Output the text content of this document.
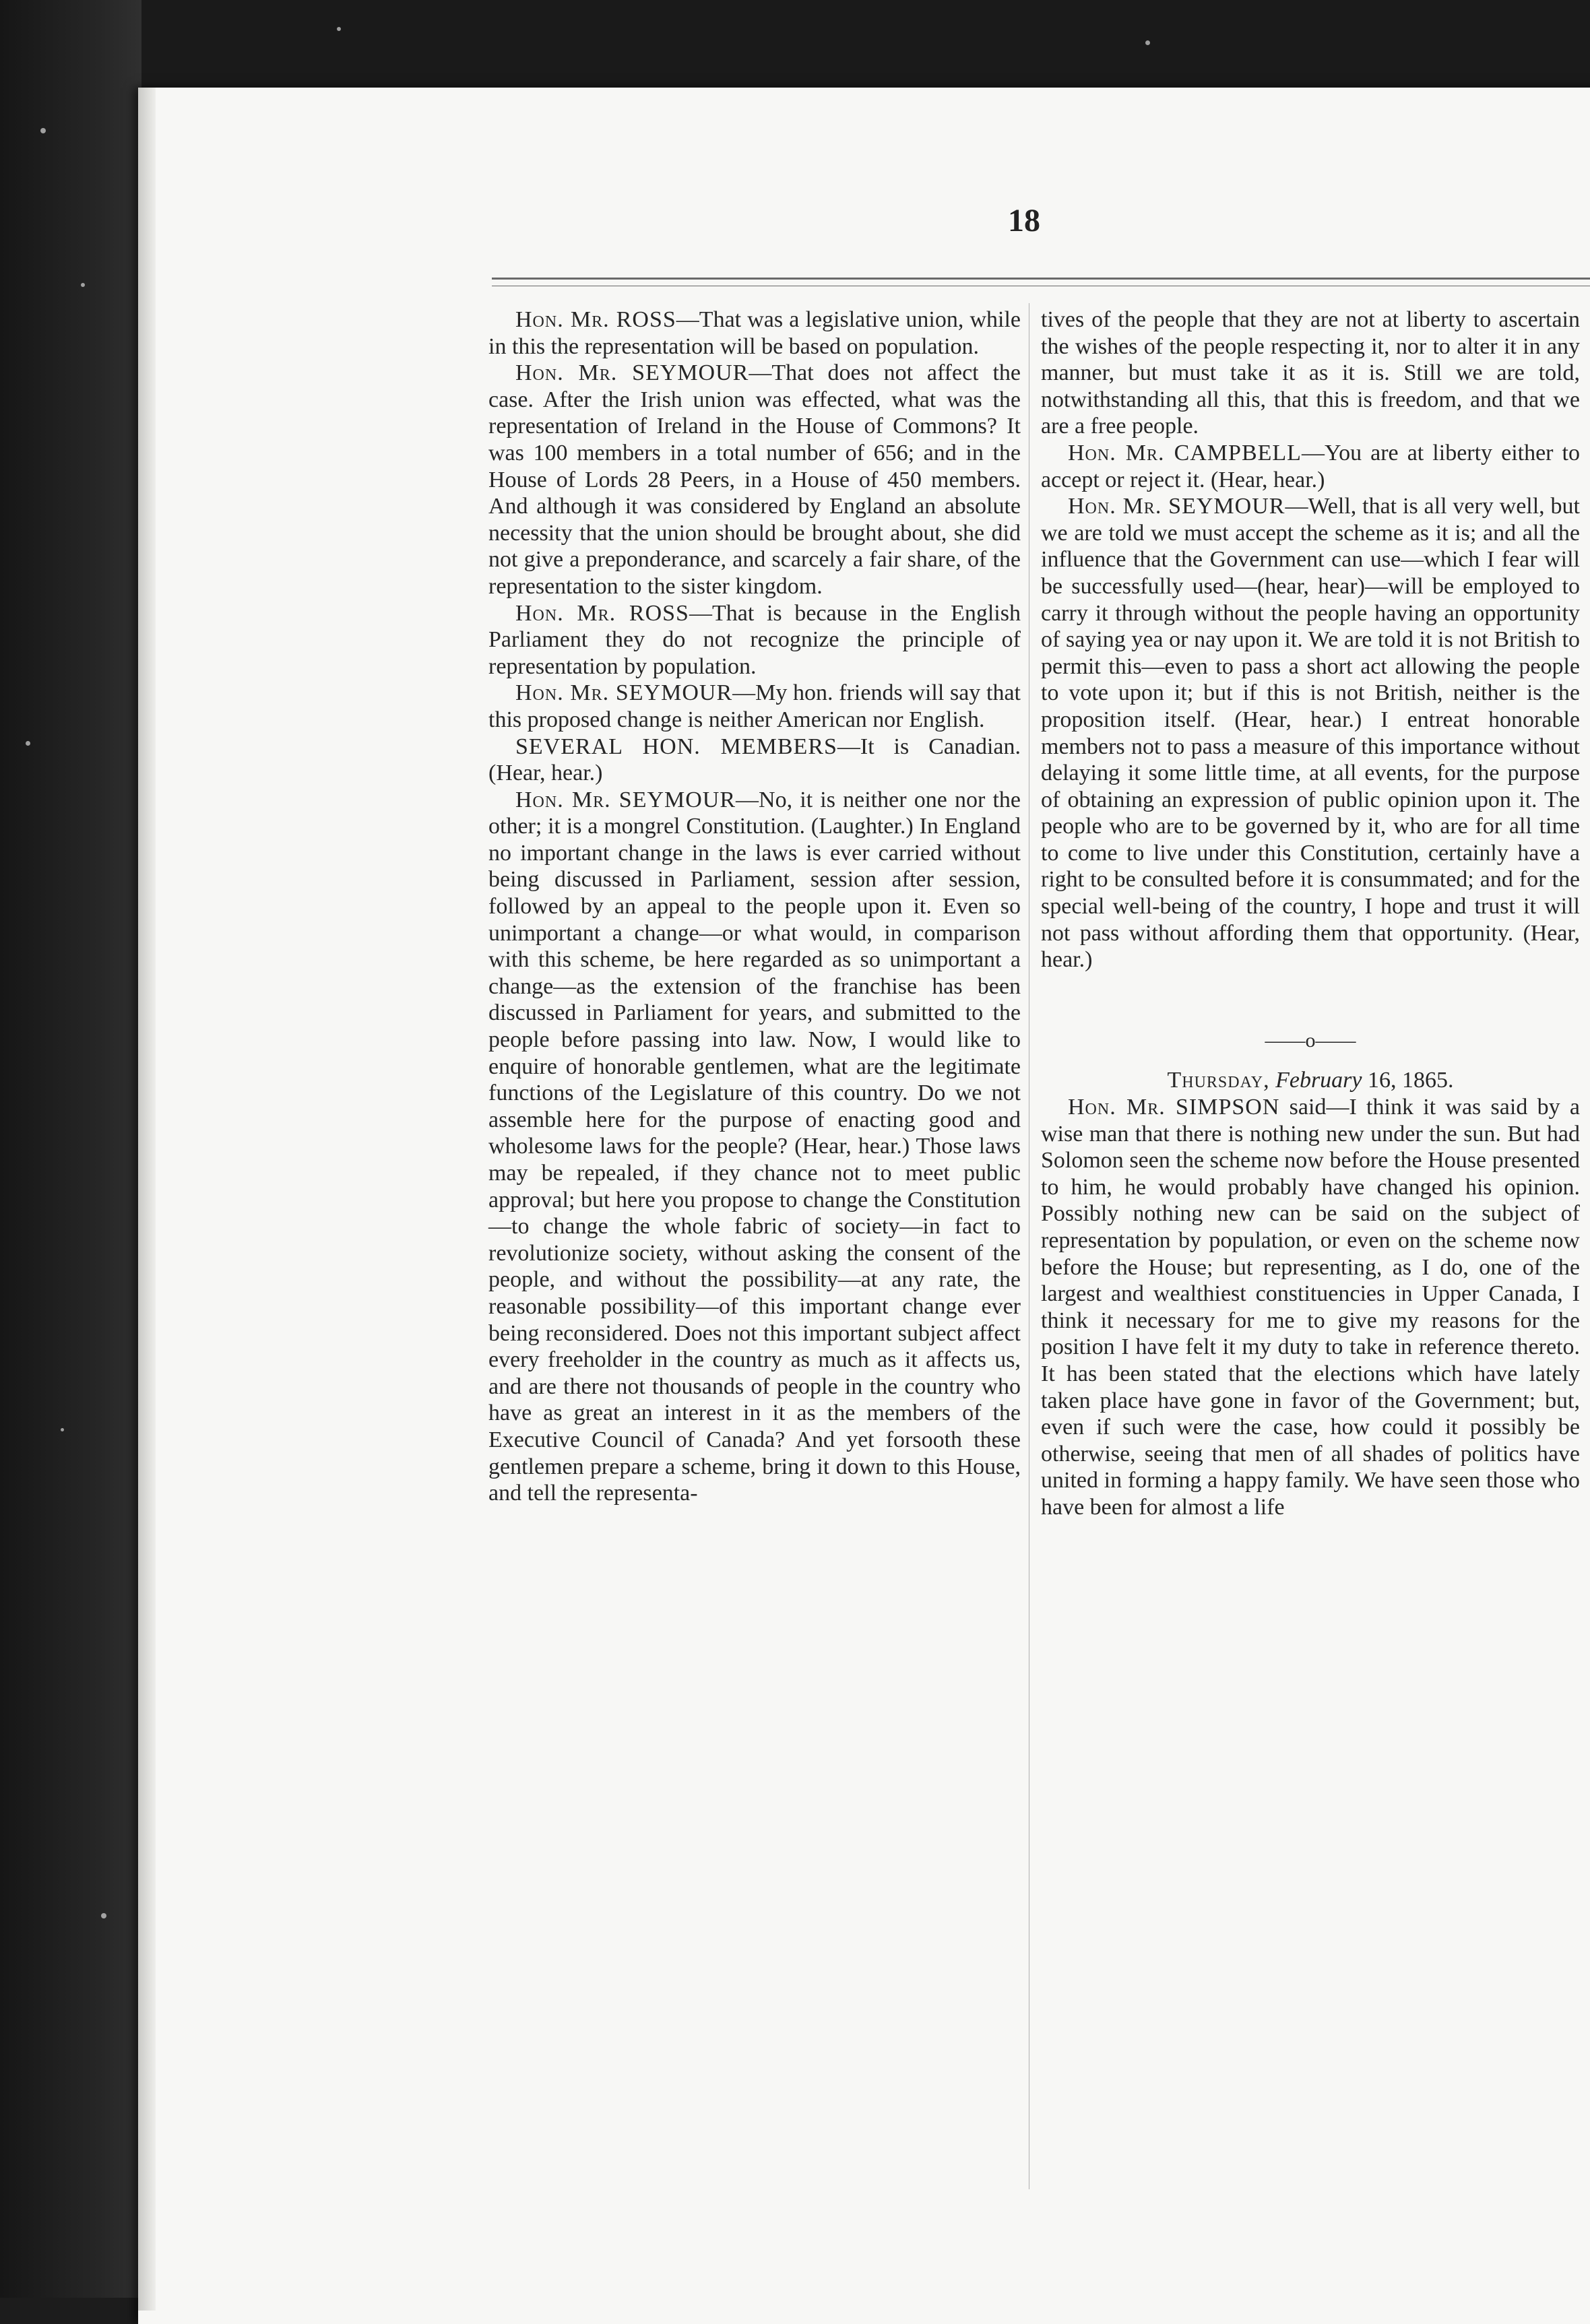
18

Hon. Mr. ROSS—That was a legislative union, while in this the representation will be based on population.

Hon. Mr. SEYMOUR—That does not affect the case. After the Irish union was effected, what was the representation of Ireland in the House of Commons? It was 100 members in a total number of 656; and in the House of Lords 28 Peers, in a House of 450 members. And although it was considered by England an absolute necessity that the union should be brought about, she did not give a preponderance, and scarcely a fair share, of the representation to the sister kingdom.

Hon. Mr. ROSS—That is because in the English Parliament they do not recognize the principle of representation by population.

Hon. Mr. SEYMOUR—My hon. friends will say that this proposed change is neither American nor English.

SEVERAL HON. MEMBERS—It is Canadian. (Hear, hear.)

Hon. Mr. SEYMOUR—No, it is neither one nor the other; it is a mongrel Constitution. (Laughter.) In England no important change in the laws is ever carried without being discussed in Parliament, session after session, followed by an appeal to the people upon it. Even so unimportant a change—or what would, in comparison with this scheme, be here regarded as so unimportant a change—as the extension of the franchise has been discussed in Parliament for years, and submitted to the people before passing into law. Now, I would like to enquire of honorable gentlemen, what are the legitimate functions of the Legislature of this country. Do we not assemble here for the purpose of enacting good and wholesome laws for the people? (Hear, hear.) Those laws may be repealed, if they chance not to meet public approval; but here you propose to change the Constitution—to change the whole fabric of society—in fact to revolutionize society, without asking the consent of the people, and without the possibility—at any rate, the reasonable possibility—of this important change ever being reconsidered. Does not this important subject affect every freeholder in the country as much as it affects us, and are there not thousands of people in the country who have as great an interest in it as the members of the Executive Council of Canada? And yet forsooth these gentlemen prepare a scheme, bring it down to this House, and tell the representa-

tives of the people that they are not at liberty to ascertain the wishes of the people respecting it, nor to alter it in any manner, but must take it as it is. Still we are told, notwithstanding all this, that this is freedom, and that we are a free people.

Hon. Mr. CAMPBELL—You are at liberty either to accept or reject it. (Hear, hear.)

Hon. Mr. SEYMOUR—Well, that is all very well, but we are told we must accept the scheme as it is; and all the influence that the Government can use—which I fear will be successfully used—(hear, hear)—will be employed to carry it through without the people having an opportunity of saying yea or nay upon it. We are told it is not British to permit this—even to pass a short act allowing the people to vote upon it; but if this is not British, neither is the proposition itself. (Hear, hear.) I entreat honorable members not to pass a measure of this importance without delaying it some little time, at all events, for the purpose of obtaining an expression of public opinion upon it. The people who are to be governed by it, who are for all time to come to live under this Constitution, certainly have a right to be consulted before it is consummated; and for the special well-being of the country, I hope and trust it will not pass without affording them that opportunity. (Hear, hear.)

——o——

Thursday, February 16, 1865.

Hon. Mr. SIMPSON said—I think it was said by a wise man that there is nothing new under the sun. But had Solomon seen the scheme now before the House presented to him, he would probably have changed his opinion. Possibly nothing new can be said on the subject of representation by population, or even on the scheme now before the House; but representing, as I do, one of the largest and wealthiest constituencies in Upper Canada, I think it necessary for me to give my reasons for the position I have felt it my duty to take in reference thereto. It has been stated that the elections which have lately taken place have gone in favor of the Government; but, even if such were the case, how could it possibly be otherwise, seeing that men of all shades of politics have united in forming a happy family. We have seen those who have been for almost a life
